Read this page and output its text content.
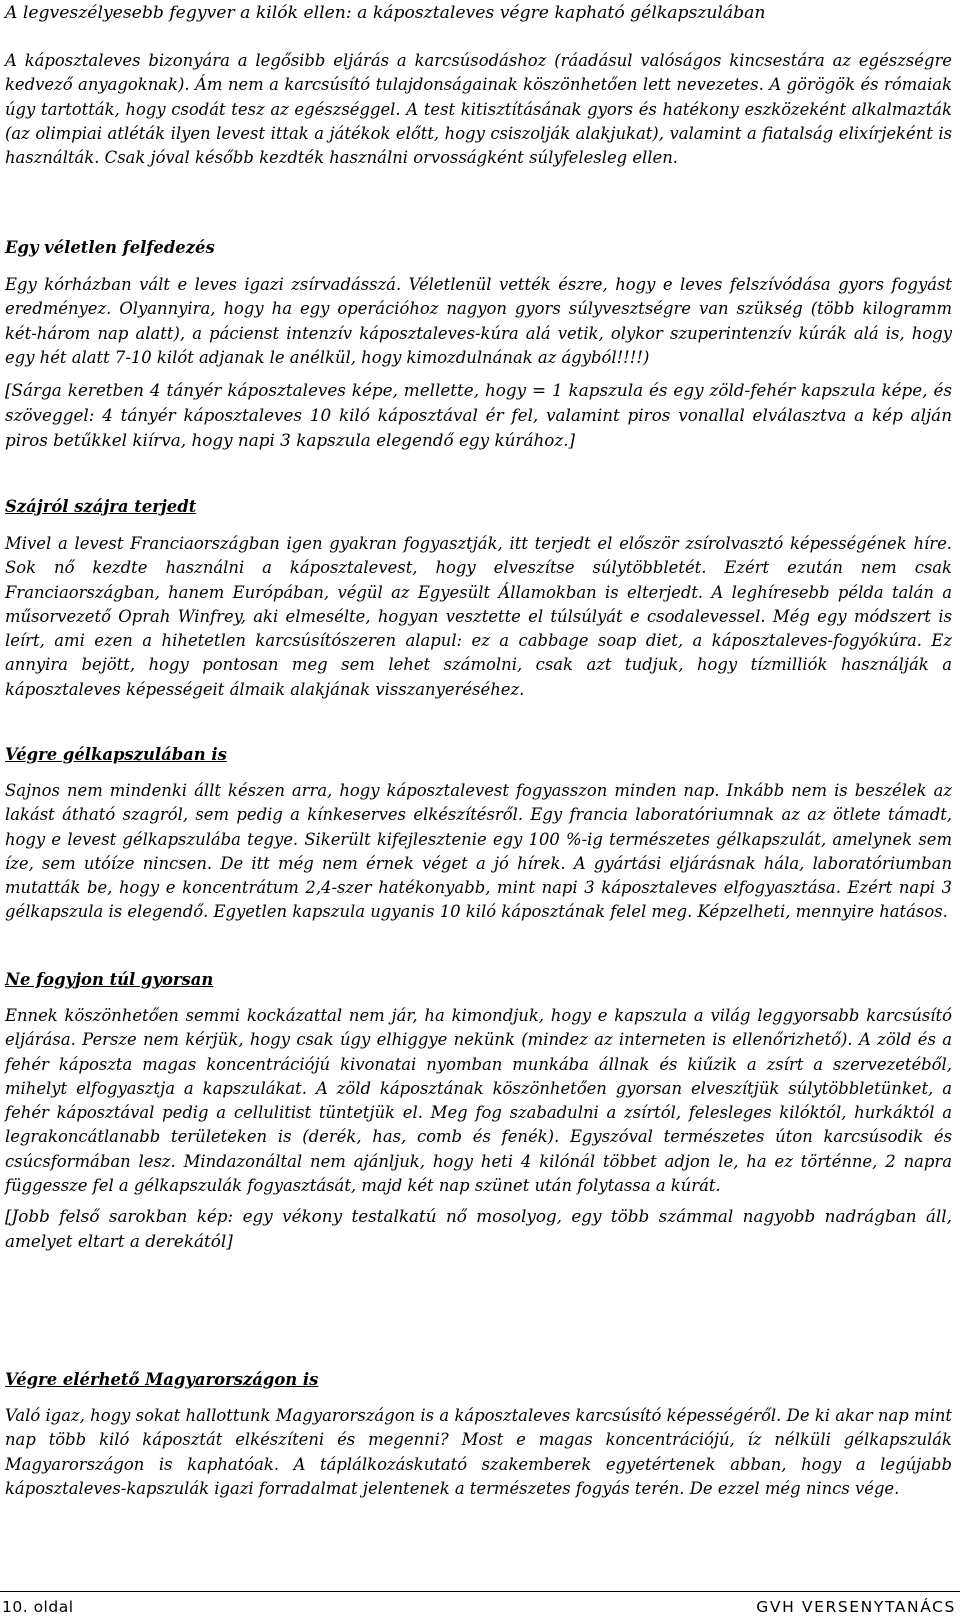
A legveszélyesebb fegyver a kilók ellen: a káposztaleves végre kapható gélkapszulában

A káposztaleves bizonyára a legősibb eljárás a karcsúsodáshoz (ráadásul valóságos kincsestára az egészségre kedvező anyagoknak). Ám nem a karcsúsító tulajdonságainak köszönhetően lett nevezetes. A görögök és rómaiak úgy tartották, hogy csodát tesz az egészséggel. A test kitisztításának gyors és hatékony eszközeként alkalmazták (az olimpiai atléták ilyen levest ittak a játékok előtt, hogy csiszolják alakjukat), valamint a fiatalság elixírjeként is használták. Csak jóval később kezdték használni orvosságként súlyfelesleg ellen.

Egy véletlen felfedezés

Egy kórházban vált e leves igazi zsírvadásszá. Véletlenül vették észre, hogy e leves felszívódása gyors fogyást eredményez. Olyannyira, hogy ha egy operációhoz nagyon gyors súlyvesztségre van szükség (több kilogramm két-három nap alatt), a pácienst intenzív káposztaleves-kúra alá vetik, olykor szuperintenzív kúrák alá is, hogy egy hét alatt 7-10 kilót adjanak le anélkül, hogy kimozdulnának az ágyból!!!!)

[Sárga keretben 4 tányér káposztaleves képe, mellette, hogy = 1 kapszula és egy zöld-fehér kapszula képe, és szöveggel: 4 tányér káposztaleves 10 kiló káposztával ér fel, valamint piros vonallal elválasztva a kép alján piros betűkkel kiírva, hogy napi 3 kapszula elegendő egy kúrához.]

Szájról szájra terjedt

Mivel a levest Franciaországban igen gyakran fogyasztják, itt terjedt el először zsírolvasztó képességének híre. Sok nő kezdte használni a káposztalevest, hogy elveszítse súlytöbbletét. Ezért ezután nem csak Franciaországban, hanem Európában, végül az Egyesült Államokban is elterjedt. A leghíresebb példa talán a műsorvezető Oprah Winfrey, aki elmesélte, hogyan vesztette el túlsúlyát e csodalevessel. Még egy módszert is leírt, ami ezen a hihetetlen karcsúsítószeren alapul: ez a cabbage soap diet, a káposztaleves-fogyókúra. Ez annyira bejött, hogy pontosan meg sem lehet számolni, csak azt tudjuk, hogy tízmilliók használják a káposztaleves képességeit álmaik alakjának visszanyeréséhez.

Végre gélkapszulában is

Sajnos nem mindenki állt készen arra, hogy káposztalevest fogyasszon minden nap. Inkább nem is beszélek az lakást átható szagról, sem pedig a kínkeserves elkészítésről. Egy francia laboratóriumnak az az ötlete támadt, hogy e levest gélkapszulába tegye. Sikerült kifejlesztenie egy 100 %-ig természetes gélkapszulát, amelynek sem íze, sem utóíze nincsen. De itt még nem érnek véget a jó hírek. A gyártási eljárásnak hála, laboratóriumban mutatták be, hogy e koncentrátum 2,4-szer hatékonyabb, mint napi 3 káposztaleves elfogyasztása. Ezért napi 3 gélkapszula is elegendő. Egyetlen kapszula ugyanis 10 kiló káposztának felel meg. Képzelheti, mennyire hatásos.

Ne fogyjon túl gyorsan

Ennek köszönhetően semmi kockázattal nem jár, ha kimondjuk, hogy e kapszula a világ leggyorsabb karcsúsító eljárása. Persze nem kérjük, hogy csak úgy elhiggye nekünk (mindez az interneten is ellenőrizhető). A zöld és a fehér káposzta magas koncentrációjú kivonatai nyomban munkába állnak és kiűzik a zsírt a szervezetéből, mihelyt elfogyasztja a kapszulákat. A zöld káposztának köszönhetően gyorsan elveszítjük súlytöbbletünket, a fehér káposztával pedig a cellulitist tüntetjük el. Meg fog szabadulni a zsírtól, felesleges kilóktól, hurkáktól a legrakoncátlanabb területeken is (derék, has, comb és fenék). Egyszóval természetes úton karcsúsodik és csúcsformában lesz. Mindazonáltal nem ajánljuk, hogy heti 4 kilónál többet adjon le, ha ez történne, 2 napra függessze fel a gélkapszulák fogyasztását, majd két nap szünet után folytassa a kúrát.

[Jobb felső sarokban kép: egy vékony testalkatú nő mosolyog, egy több számmal nagyobb nadrágban áll, amelyet eltart a derekától]

Végre elérhető Magyarországon is

Való igaz, hogy sokat hallottunk Magyarországon is a káposztaleves karcsúsító képességéről. De ki akar nap mint nap több kiló káposztát elkészíteni és megenni? Most e magas koncentrációjú, íz nélküli gélkapszulák Magyarországon is kaphatóak. A táplálkozáskutató szakemberek egyetértenek abban, hogy a legújabb káposztaleves-kapszulák igazi forradalmat jelentenek a természetes fogyás terén. De ezzel még nincs vége.

10. oldal	GVH VERSENYTANÁCS
